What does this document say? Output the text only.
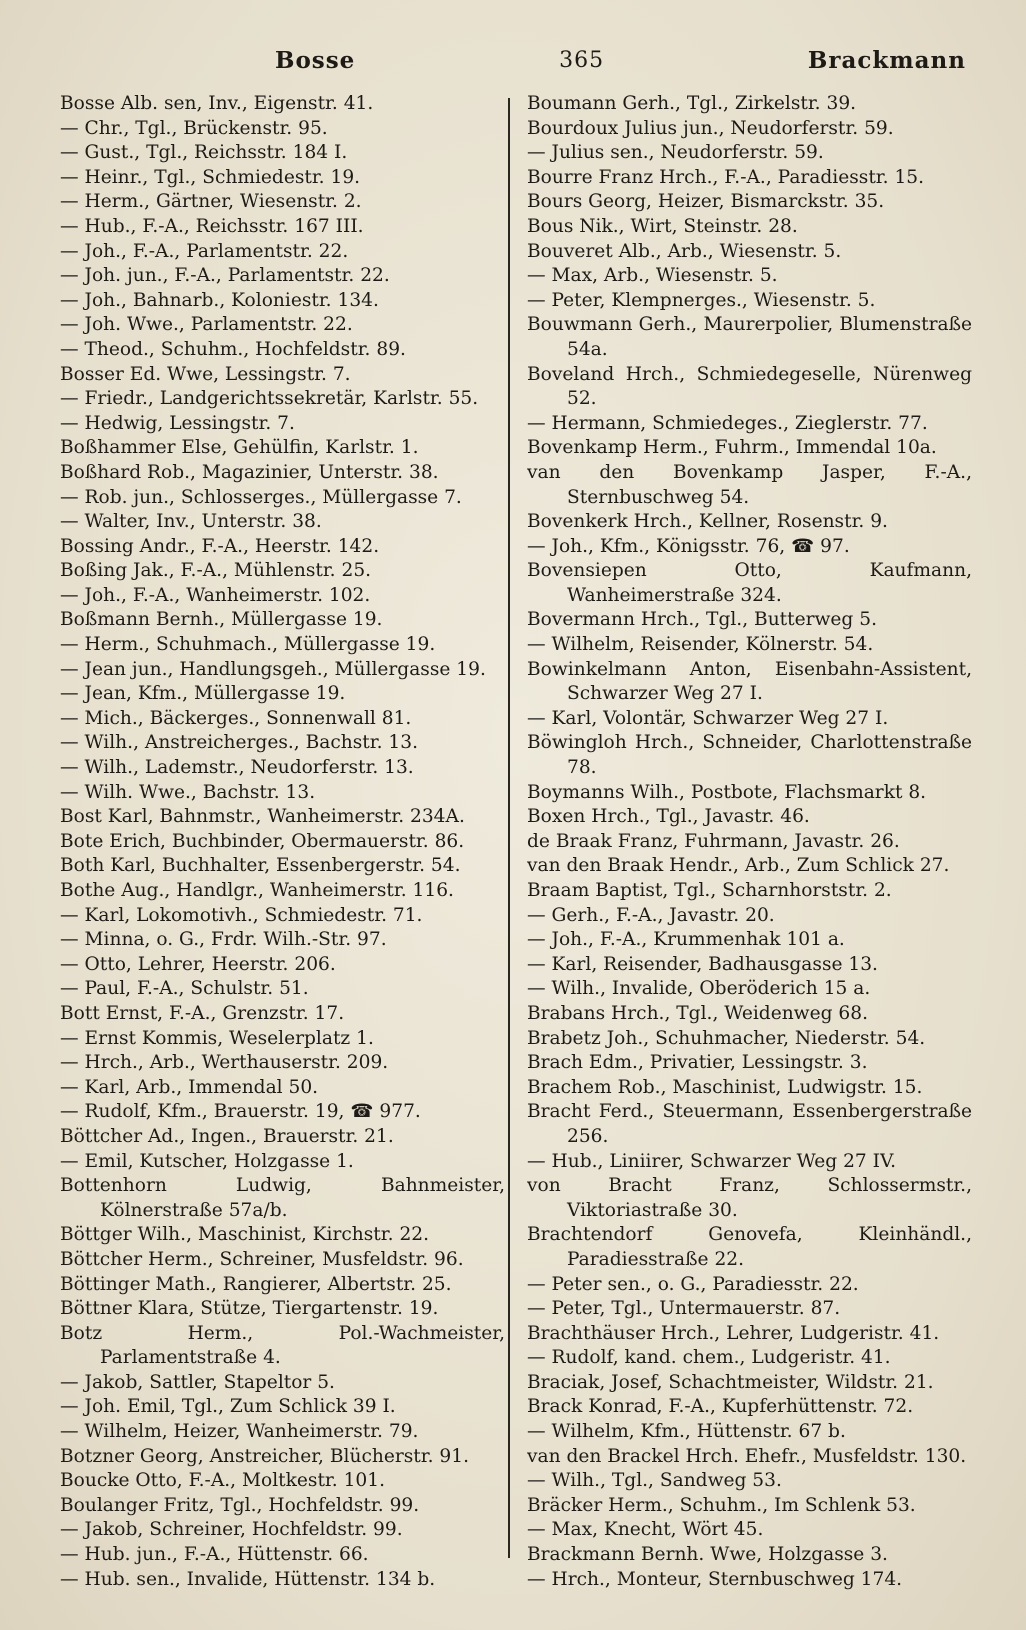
Bosse	365	Brackmann
Bosse Alb. sen, Inv., Eigenstr. 41.
— Chr., Tgl., Brückenstr. 95.
— Gust., Tgl., Reichsstr. 184 I.
— Heinr., Tgl., Schmiedestr. 19.
— Herm., Gärtner, Wiesenstr. 2.
— Hub., F.-A., Reichsstr. 167 III.
— Joh., F.-A., Parlamentstr. 22.
— Joh. jun., F.-A., Parlamentstr. 22.
— Joh., Bahnarb., Koloniestr. 134.
— Joh. Wwe., Parlamentstr. 22.
— Theod., Schuhm., Hochfeldstr. 89.
Bosser Ed. Wwe, Lessingstr. 7.
— Friedr., Landgerichtssekretär, Karlstr. 55.
— Hedwig, Lessingstr. 7.
Boßhammer Else, Gehülfin, Karlstr. 1.
Boßhard Rob., Magazinier, Unterstr. 38.
— Rob. jun., Schlosserges., Müllergasse 7.
— Walter, Inv., Unterstr. 38.
Bossing Andr., F.-A., Heerstr. 142.
Boßing Jak., F.-A., Mühlenstr. 25.
— Joh., F.-A., Wanheimerstr. 102.
Boßmann Bernh., Müllergasse 19.
— Herm., Schuhmach., Müllergasse 19.
— Jean jun., Handlungsgeh., Müllergasse 19.
— Jean, Kfm., Müllergasse 19.
— Mich., Bäckerges., Sonnenwall 81.
— Wilh., Anstreicherges., Bachstr. 13.
— Wilh., Lademstr., Neudorferstr. 13.
— Wilh. Wwe., Bachstr. 13.
Bost Karl, Bahnmstr., Wanheimerstr. 234A.
Bote Erich, Buchbinder, Obermauerstr. 86.
Both Karl, Buchhalter, Essenbergerstr. 54.
Bothe Aug., Handlgr., Wanheimerstr. 116.
— Karl, Lokomotivh., Schmiedestr. 71.
— Minna, o. G., Frdr. Wilh.-Str. 97.
— Otto, Lehrer, Heerstr. 206.
— Paul, F.-A., Schulstr. 51.
Bott Ernst, F.-A., Grenzstr. 17.
— Ernst Kommis, Weselerplatz 1.
— Hrch., Arb., Werthauserstr. 209.
— Karl, Arb., Immendal 50.
— Rudolf, Kfm., Brauerstr. 19, ☎ 977.
Böttcher Ad., Ingen., Brauerstr. 21.
— Emil, Kutscher, Holzgasse 1.
Bottenhorn Ludwig, Bahnmeister, Kölnerstraße 57a/b.
Böttger Wilh., Maschinist, Kirchstr. 22.
Böttcher Herm., Schreiner, Musfeldstr. 96.
Böttinger Math., Rangierer, Albertstr. 25.
Böttner Klara, Stütze, Tiergartenstr. 19.
Botz Herm., Pol.-Wachmeister, Parlamentstraße 4.
— Jakob, Sattler, Stapeltor 5.
— Joh. Emil, Tgl., Zum Schlick 39 I.
— Wilhelm, Heizer, Wanheimerstr. 79.
Botzner Georg, Anstreicher, Blücherstr. 91.
Boucke Otto, F.-A., Moltkestr. 101.
Boulanger Fritz, Tgl., Hochfeldstr. 99.
— Jakob, Schreiner, Hochfeldstr. 99.
— Hub. jun., F.-A., Hüttenstr. 66.
— Hub. sen., Invalide, Hüttenstr. 134 b.
Boumann Gerh., Tgl., Zirkelstr. 39.
Bourdoux Julius jun., Neudorferstr. 59.
— Julius sen., Neudorferstr. 59.
Bourre Franz Hrch., F.-A., Paradiesstr. 15.
Bours Georg, Heizer, Bismarckstr. 35.
Bous Nik., Wirt, Steinstr. 28.
Bouveret Alb., Arb., Wiesenstr. 5.
— Max, Arb., Wiesenstr. 5.
— Peter, Klempnerges., Wiesenstr. 5.
Bouwmann Gerh., Maurerpolier, Blumenstraße 54a.
Boveland Hrch., Schmiedegeselle, Nürenweg 52.
— Hermann, Schmiedeges., Zieglerstr. 77.
Bovenkamp Herm., Fuhrm., Immendal 10a.
van den Bovenkamp Jasper, F.-A., Sternbuschweg 54.
Bovenkerk Hrch., Kellner, Rosenstr. 9.
— Joh., Kfm., Königsstr. 76, ☎ 97.
Bovensiepen Otto, Kaufmann, Wanheimerstraße 324.
Bovermann Hrch., Tgl., Butterweg 5.
— Wilhelm, Reisender, Kölnerstr. 54.
Bowinkelmann Anton, Eisenbahn-Assistent, Schwarzer Weg 27 I.
— Karl, Volontär, Schwarzer Weg 27 I.
Böwingloh Hrch., Schneider, Charlottenstraße 78.
Boymanns Wilh., Postbote, Flachsmarkt 8.
Boxen Hrch., Tgl., Javastr. 46.
de Braak Franz, Fuhrmann, Javastr. 26.
van den Braak Hendr., Arb., Zum Schlick 27.
Braam Baptist, Tgl., Scharnhorststr. 2.
— Gerh., F.-A., Javastr. 20.
— Joh., F.-A., Krummenhak 101 a.
— Karl, Reisender, Badhausgasse 13.
— Wilh., Invalide, Oberöderich 15 a.
Brabans Hrch., Tgl., Weidenweg 68.
Brabetz Joh., Schuhmacher, Niederstr. 54.
Brach Edm., Privatier, Lessingstr. 3.
Brachem Rob., Maschinist, Ludwigstr. 15.
Bracht Ferd., Steuermann, Essenbergerstraße 256.
— Hub., Liniirer, Schwarzer Weg 27 IV.
von Bracht Franz, Schlossermstr., Viktoriastraße 30.
Brachtendorf Genovefa, Kleinhändl., Paradiesstraße 22.
— Peter sen., o. G., Paradiesstr. 22.
— Peter, Tgl., Untermauerstr. 87.
Brachthäuser Hrch., Lehrer, Ludgeristr. 41.
— Rudolf, kand. chem., Ludgeristr. 41.
Braciak, Josef, Schachtmeister, Wildstr. 21.
Brack Konrad, F.-A., Kupferhüttenstr. 72.
— Wilhelm, Kfm., Hüttenstr. 67 b.
van den Brackel Hrch. Ehefr., Musfeldstr. 130.
— Wilh., Tgl., Sandweg 53.
Bräcker Herm., Schuhm., Im Schlenk 53.
— Max, Knecht, Wört 45.
Brackmann Bernh. Wwe, Holzgasse 3.
— Hrch., Monteur, Sternbuschweg 174.
